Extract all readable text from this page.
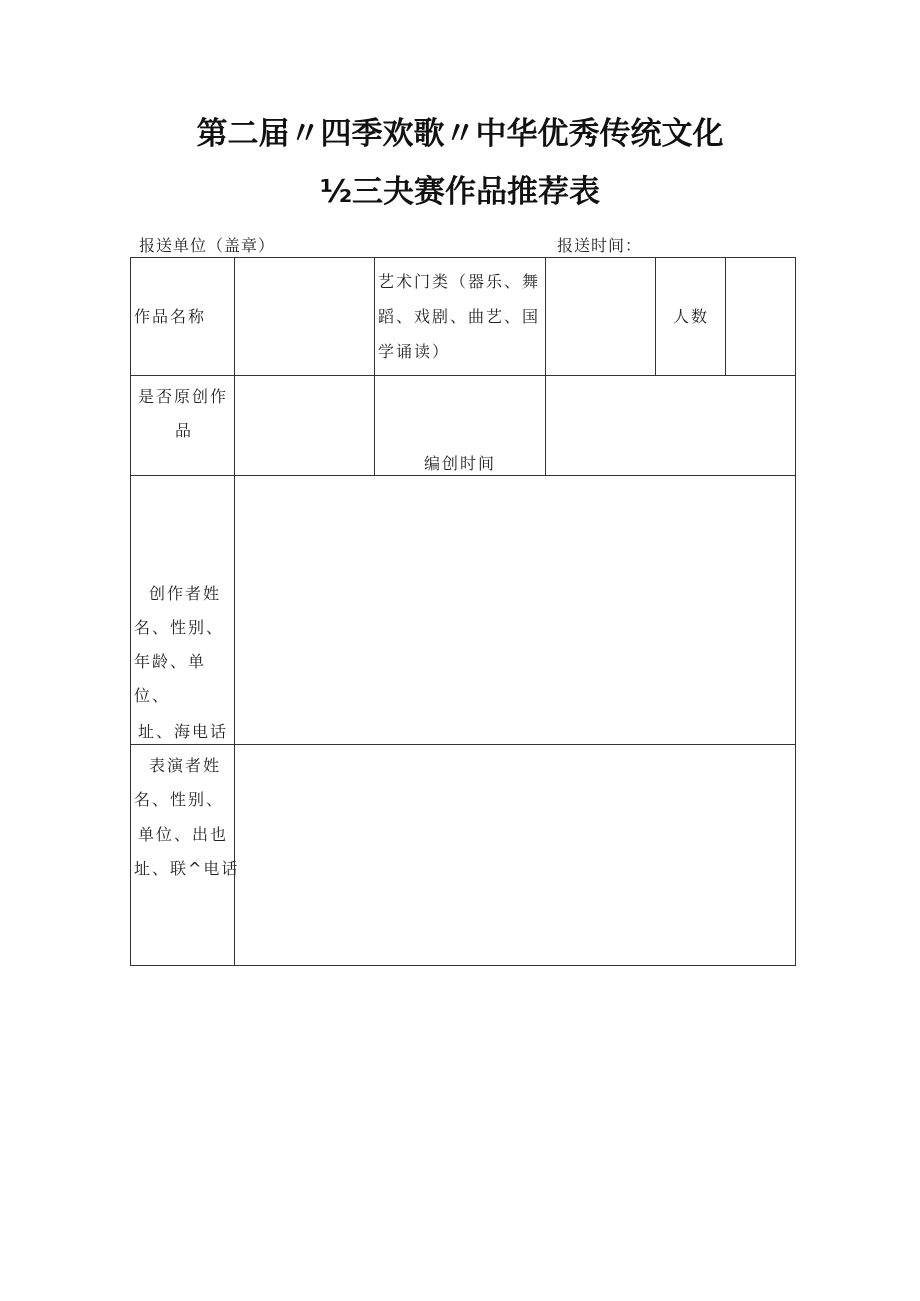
第二届〃四季欢歌〃中华优秀传统文化
½三夬赛作品推荐表
报送单位（盖章）	报送时间：
作品名称
艺术门类（器乐、舞
蹈、戏剧、曲艺、国
学诵读）
人数
是否原创作
品
编创时间
创作者姓
名、性别、
年龄、单
位、
址、海电话
表演者姓
名、性别、
单位、出也
址、联^电话
